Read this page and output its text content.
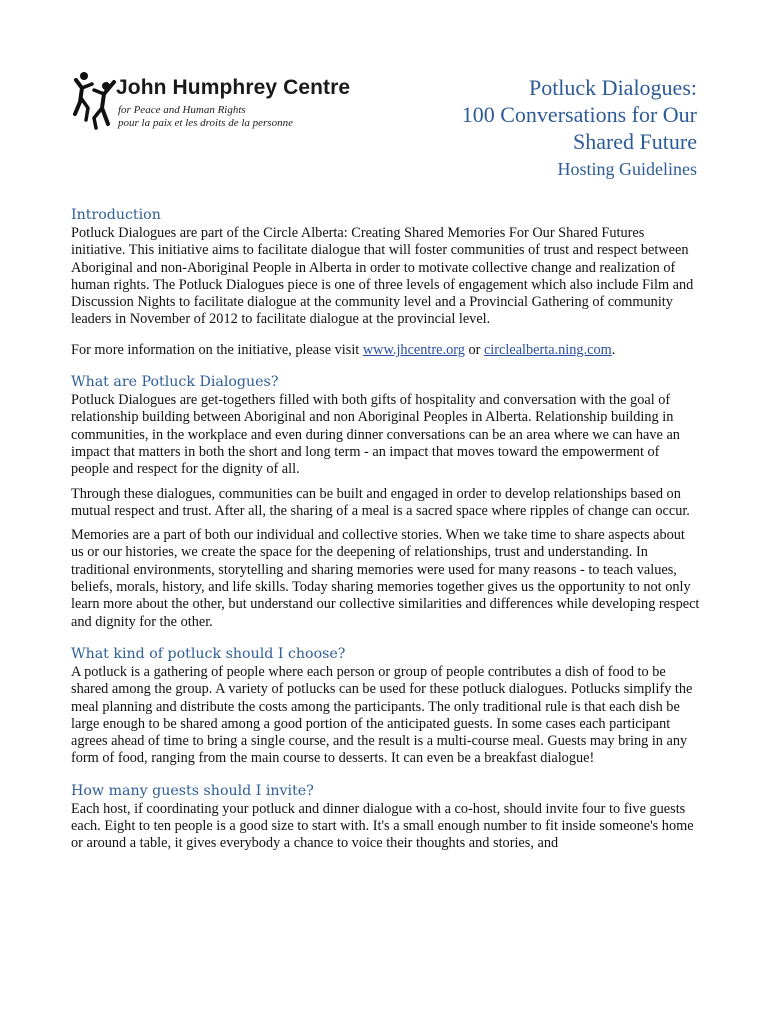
John Humphrey Centre
for Peace and Human Rights
pour la paix et les droits de la personne
Potluck Dialogues:
100 Conversations for Our
Shared Future
Hosting Guidelines
Introduction

Potluck Dialogues are part of the Circle Alberta: Creating Shared Memories For Our Shared Futures initiative. This initiative aims to facilitate dialogue that will foster communities of trust and respect between Aboriginal and non-Aboriginal People in Alberta in order to motivate collective change and realization of human rights. The Potluck Dialogues piece is one of three levels of engagement which also include Film and Discussion Nights to facilitate dialogue at the community level and a Provincial Gathering of community leaders in November of 2012 to facilitate dialogue at the provincial level.

For more information on the initiative, please visit www.jhcentre.org or circlealberta.ning.com.

What are Potluck Dialogues?

Potluck Dialogues are get-togethers filled with both gifts of hospitality and conversation with the goal of relationship building between Aboriginal and non Aboriginal Peoples in Alberta. Relationship building in communities, in the workplace and even during dinner conversations can be an area where we can have an impact that matters in both the short and long term - an impact that moves toward the empowerment of people and respect for the dignity of all.

Through these dialogues, communities can be built and engaged in order to develop relationships based on mutual respect and trust. After all, the sharing of a meal is a sacred space where ripples of change can occur.

Memories are a part of both our individual and collective stories. When we take time to share aspects about us or our histories, we create the space for the deepening of relationships, trust and understanding. In traditional environments, storytelling and sharing memories were used for many reasons - to teach values, beliefs, morals, history, and life skills. Today sharing memories together gives us the opportunity to not only learn more about the other, but understand our collective similarities and differences while developing respect and dignity for the other.

What kind of potluck should I choose?

A potluck is a gathering of people where each person or group of people contributes a dish of food to be shared among the group. A variety of potlucks can be used for these potluck dialogues. Potlucks simplify the meal planning and distribute the costs among the participants. The only traditional rule is that each dish be large enough to be shared among a good portion of the anticipated guests. In some cases each participant agrees ahead of time to bring a single course, and the result is a multi-course meal. Guests may bring in any form of food, ranging from the main course to desserts. It can even be a breakfast dialogue!

How many guests should I invite?

Each host, if coordinating your potluck and dinner dialogue with a co-host, should invite four to five guests each. Eight to ten people is a good size to start with. It's a small enough number to fit inside someone's home or around a table, it gives everybody a chance to voice their thoughts and stories, and
